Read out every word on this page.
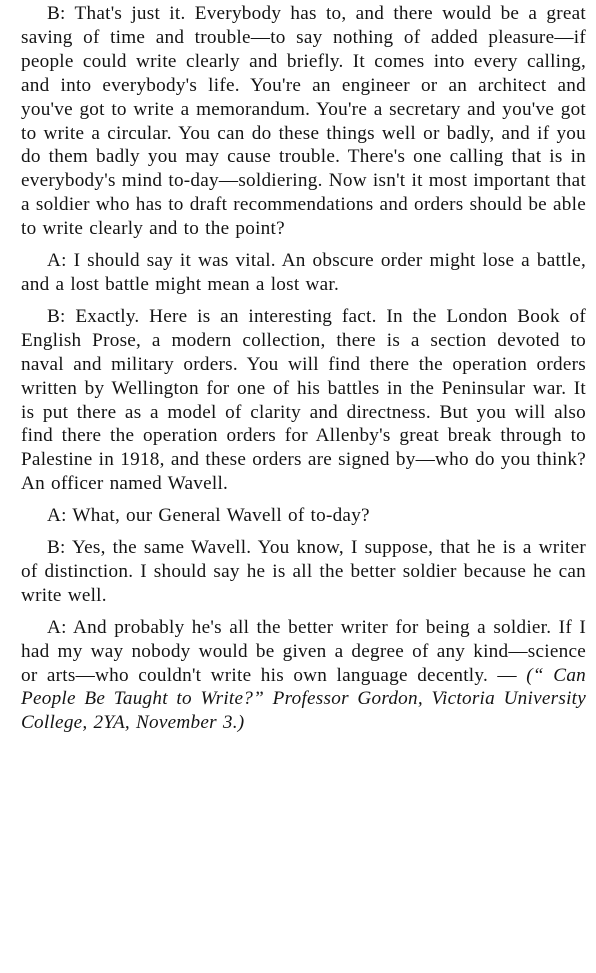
B: That's just it. Everybody has to, and there would be a great saving of time and trouble—to say nothing of added pleasure—if people could write clearly and briefly. It comes into every calling, and into everybody's life. You're an engineer or an architect and you've got to write a memorandum. You're a secretary and you've got to write a circular. You can do these things well or badly, and if you do them badly you may cause trouble. There's one calling that is in everybody's mind to-day—soldiering. Now isn't it most important that a soldier who has to draft recommendations and orders should be able to write clearly and to the point?

A: I should say it was vital. An obscure order might lose a battle, and a lost battle might mean a lost war.

B: Exactly. Here is an interesting fact. In the London Book of English Prose, a modern collection, there is a section devoted to naval and military orders. You will find there the operation orders written by Wellington for one of his battles in the Peninsular war. It is put there as a model of clarity and directness. But you will also find there the operation orders for Allenby's great break through to Palestine in 1918, and these orders are signed by—who do you think? An officer named Wavell.

A: What, our General Wavell of to-day?

B: Yes, the same Wavell. You know, I suppose, that he is a writer of distinction. I should say he is all the better soldier because he can write well.

A: And probably he's all the better writer for being a soldier. If I had my way nobody would be given a degree of any kind—science or arts—who couldn't write his own language decently. — (“ Can People Be Taught to Write?” Professor Gordon, Victoria University College, 2YA, November 3.)
